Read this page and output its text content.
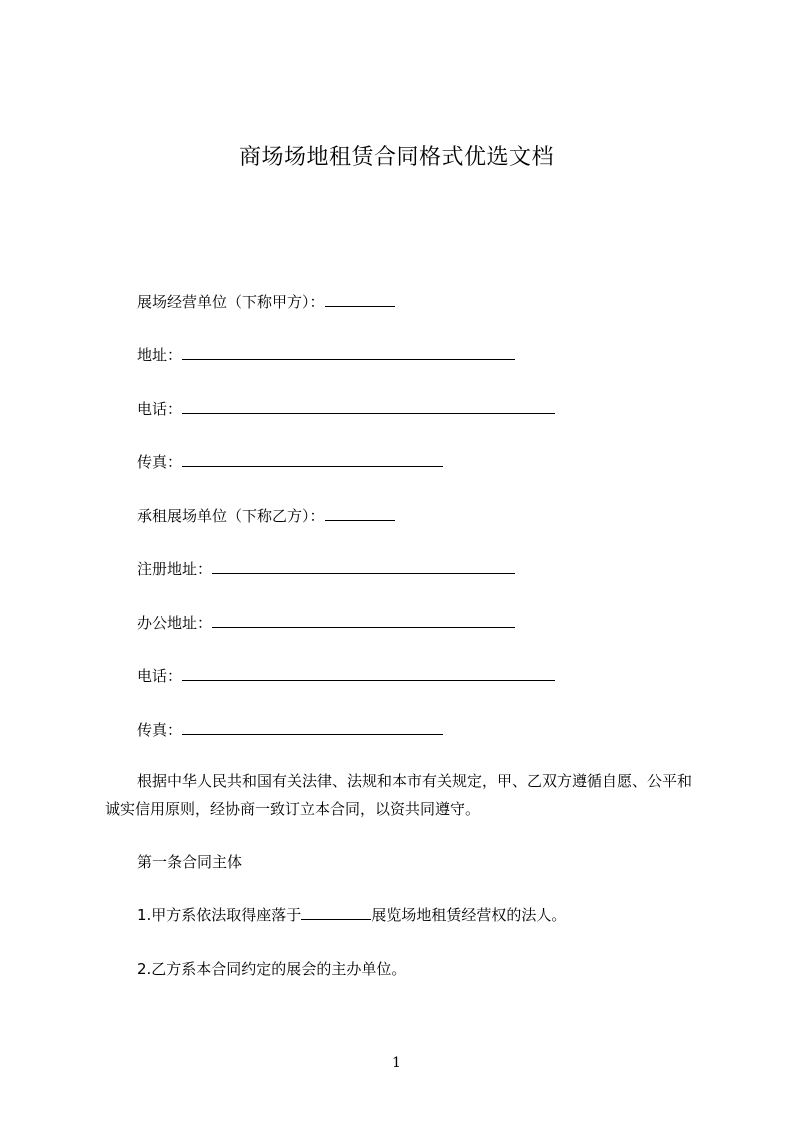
商场场地租赁合同格式优选文档
展场经营单位（下称甲方）：
地址：
电话：
传真：
承租展场单位（下称乙方）：
注册地址：
办公地址：
电话：
传真：
根据中华人民共和国有关法律、法规和本市有关规定，甲、乙双方遵循自愿、公平和诚实信用原则，经协商一致订立本合同，以资共同遵守。
第一条合同主体
1.甲方系依法取得座落于	展览场地租赁经营权的法人。
2.乙方系本合同约定的展会的主办单位。
1
